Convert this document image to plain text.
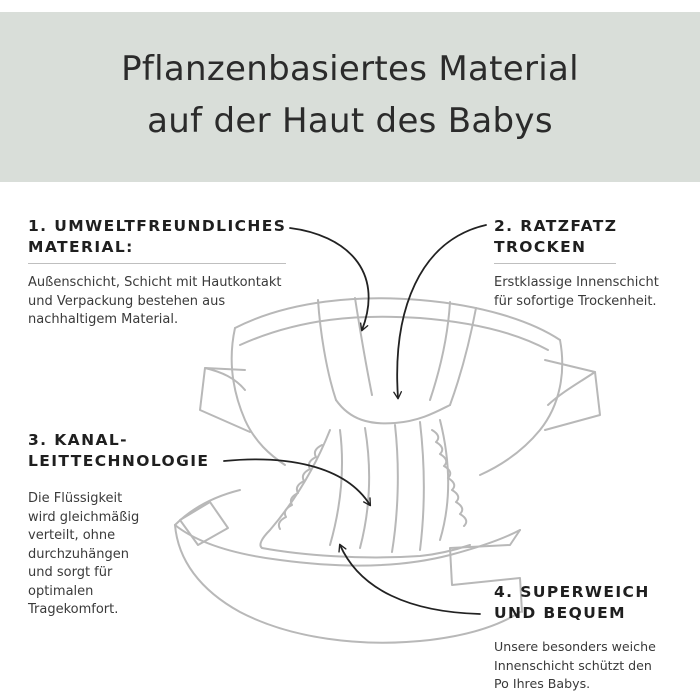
Pflanzenbasiertes Material
auf der Haut des Babys
1. UMWELTFREUNDLICHES
MATERIAL:
Außenschicht, Schicht mit Hautkontakt
und Verpackung bestehen aus
nachhaltigem Material.
2. RATZFATZ
TROCKEN
Erstklassige Innenschicht
für sofortige Trockenheit.
3. KANAL-
LEITTECHNOLOGIE
Die Flüssigkeit
wird gleichmäßig
verteilt, ohne
durchzuhängen
und sorgt für
optimalen
Tragekomfort.
4. SUPERWEICH
UND BEQUEM
Unsere besonders weiche
Innenschicht schützt den
Po Ihres Babys.
